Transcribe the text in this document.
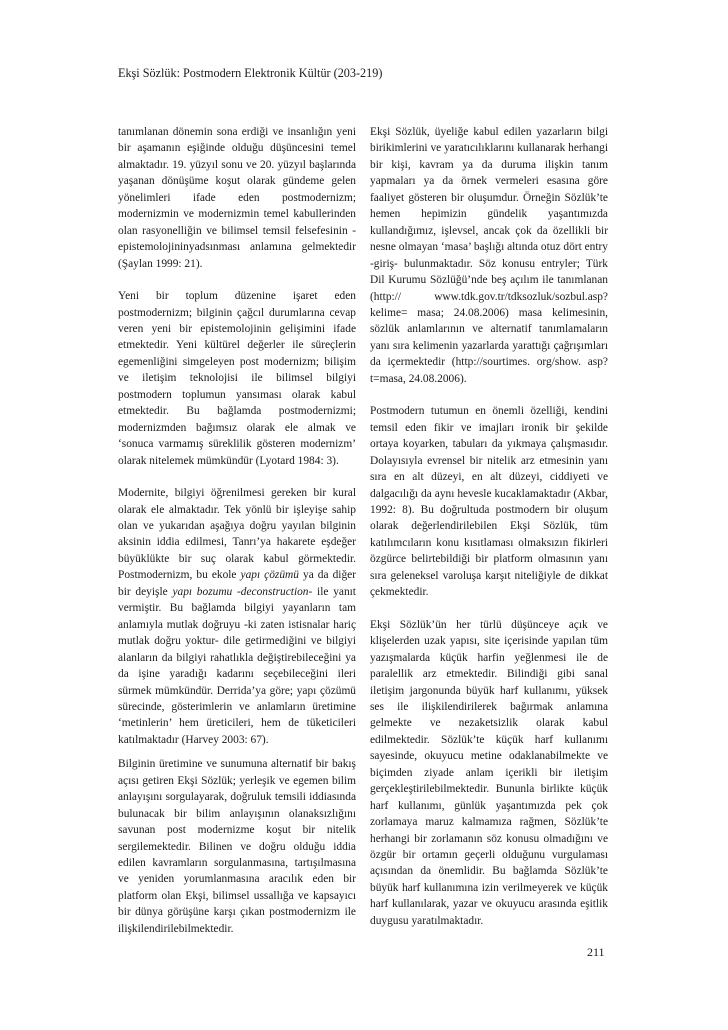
Ekşi Sözlük: Postmodern Elektronik Kültür (203-219)

tanımlanan dönemin sona erdiği ve insanlığın yeni bir aşamanın eşiğinde olduğu düşüncesini temel almaktadır. 19. yüzyıl sonu ve 20. yüzyıl başlarında yaşanan dönüşüme koşut olarak gündeme gelen yönelimleri ifade eden postmodernizm; modernizmin ve modernizmin temel kabullerinden olan rasyonelliğin ve bilimsel temsil felsefesinin -epistemolojininyadsınması anlamına gelmektedir (Şaylan 1999: 21).

Yeni bir toplum düzenine işaret eden postmodernizm; bilginin çağcıl durumlarına cevap veren yeni bir epistemolojinin gelişimini ifade etmektedir. Yeni kültürel değerler ile süreçlerin egemenliğini simgeleyen post modernizm; bilişim ve iletişim teknolojisi ile bilimsel bilgiyi postmodern toplumun yansıması olarak kabul etmektedir. Bu bağlamda postmodernizmi; modernizmden bağımsız olarak ele almak ve ‘sonuca varmamış süreklilik gösteren modernizm’ olarak nitelemek mümkündür (Lyotard 1984: 3).

Modernite, bilgiyi öğrenilmesi gereken bir kural olarak ele almaktadır. Tek yönlü bir işleyişe sahip olan ve yukarıdan aşağıya doğru yayılan bilginin aksinin iddia edilmesi, Tanrı’ya hakarete eşdeğer büyüklükte bir suç olarak kabul görmektedir. Postmodernizm, bu ekole yapı çözümü ya da diğer bir deyişle yapı bozumu -deconstruction- ile yanıt vermiştir. Bu bağlamda bilgiyi yayanların tam anlamıyla mutlak doğruyu -ki zaten istisnalar hariç mutlak doğru yoktur- dile getirmediğini ve bilgiyi alanların da bilgiyi rahatlıkla değiştirebileceğini ya da işine yaradığı kadarını seçebileceğini ileri sürmek mümkündür. Derrida’ya göre; yapı çözümü sürecinde, gösterimlerin ve anlamların üretimine ‘metinlerin’ hem üreticileri, hem de tüketicileri katılmaktadır (Harvey 2003: 67).

Bilginin üretimine ve sunumuna alternatif bir bakış açısı getiren Ekşi Sözlük; yerleşik ve egemen bilim anlayışını sorgulayarak, doğruluk temsili iddiasında bulunacak bir bilim anlayışının olanaksızlığını savunan post modernizme koşut bir nitelik sergilemektedir. Bilinen ve doğru olduğu iddia edilen kavramların sorgulanmasına, tartışılmasına ve yeniden yorumlanmasına aracılık eden bir platform olan Ekşi, bilimsel ussallığa ve kapsayıcı bir dünya görüşüne karşı çıkan postmodernizm ile ilişkilendirilebilmektedir.

Ekşi Sözlük, üyeliğe kabul edilen yazarların bilgi birikimlerini ve yaratıcılıklarını kullanarak herhangi bir kişi, kavram ya da duruma ilişkin tanım yapmaları ya da örnek vermeleri esasına göre faaliyet gösteren bir oluşumdur. Örneğin Sözlük’te hemen hepimizin gündelik yaşantımızda kullandığımız, işlevsel, ancak çok da özellikli bir nesne olmayan ‘masa’ başlığı altında otuz dört entry -giriş- bulunmaktadır. Söz konusu entryler; Türk Dil Kurumu Sözlüğü’nde beş açılım ile tanımlanan (http:// www.tdk.gov.tr/tdksozluk/sozbul.asp?kelime= masa; 24.08.2006) masa kelimesinin, sözlük anlamlarının ve alternatif tanımlamaların yanı sıra kelimenin yazarlarda yarattığı çağrışımları da içermektedir (http://sourtimes. org/show. asp?t=masa, 24.08.2006).

Postmodern tutumun en önemli özelliği, kendini temsil eden fikir ve imajları ironik bir şekilde ortaya koyarken, tabuları da yıkmaya çalışmasıdır. Dolayısıyla evrensel bir nitelik arz etmesinin yanı sıra en alt düzeyi, en alt düzeyi, ciddiyeti ve dalgacılığı da aynı hevesle kucaklamaktadır (Akbar, 1992: 8). Bu doğrultuda postmodern bir oluşum olarak değerlendirilebilen Ekşi Sözlük, tüm katılımcıların konu kısıtlaması olmaksızın fikirleri özgürce belirtebildiği bir platform olmasının yanı sıra geleneksel varoluşa karşıt niteliğiyle de dikkat çekmektedir.

Ekşi Sözlük’ün her türlü düşünceye açık ve klişelerden uzak yapısı, site içerisinde yapılan tüm yazışmalarda küçük harfin yeğlenmesi ile de paralellik arz etmektedir. Bilindiği gibi sanal iletişim jargonunda büyük harf kullanımı, yüksek ses ile ilişkilendirilerek bağırmak anlamına gelmekte ve nezaketsizlik olarak kabul edilmektedir. Sözlük’te küçük harf kullanımı sayesinde, okuyucu metine odaklanabilmekte ve biçimden ziyade anlam içerikli bir iletişim gerçekleştirilebilmektedir. Bununla birlikte küçük harf kullanımı, günlük yaşantımızda pek çok zorlamaya maruz kalmamıza rağmen, Sözlük’te herhangi bir zorlamanın söz konusu olmadığını ve özgür bir ortamın geçerli olduğunu vurgulaması açısından da önemlidir. Bu bağlamda Sözlük’te büyük harf kullanımına izin verilmeyerek ve küçük harf kullanılarak, yazar ve okuyucu arasında eşitlik duygusu yaratılmaktadır.

211
